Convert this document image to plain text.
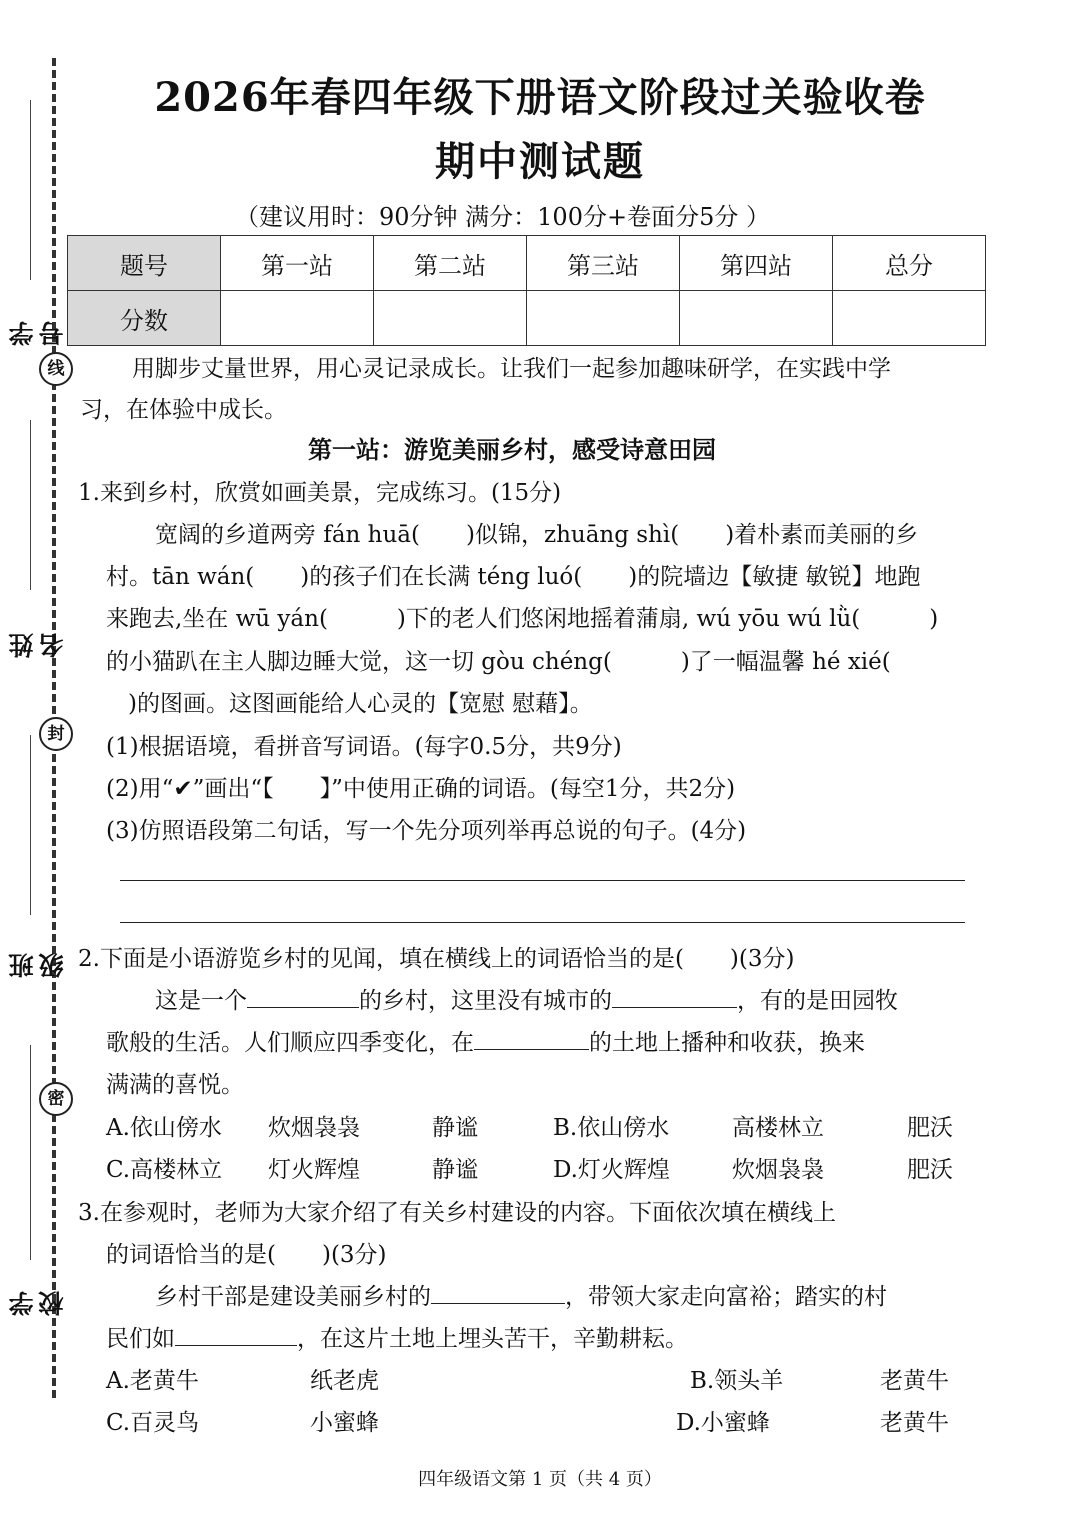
学号
姓名
班级
学校
线
封
密
2026年春四年级下册语文阶段过关验收卷
期中测试题
（建议用时：90分钟 满分：100分+卷面分5分 ）
题号	第一站	第二站	第三站	第四站	总分
分数					
用脚步丈量世界，用心灵记录成长。让我们一起参加趣味研学，在实践中学
习，在体验中成长。
第一站：游览美丽乡村，感受诗意田园
1.来到乡村，欣赏如画美景，完成练习。(15分)
宽阔的乡道两旁 fán huā(　　)似锦，zhuāng shì(　　)着朴素而美丽的乡
村。tān wán(　　)的孩子们在长满 téng luó(　　)的院墙边【敏捷 敏锐】地跑
来跑去,坐在 wū yán(　　　)下的老人们悠闲地摇着蒲扇, wú yōu wú lǜ(　　　)
的小猫趴在主人脚边睡大觉，这一切 gòu chéng(　　　)了一幅温馨 hé xié(
)的图画。这图画能给人心灵的【宽慰 慰藉】。
(1)根据语境，看拼音写词语。(每字0.5分，共9分)
(2)用“✔”画出“【　　】”中使用正确的词语。(每空1分，共2分)
(3)仿照语段第二句话，写一个先分项列举再总说的句子。(4分)
2.下面是小语游览乡村的见闻，填在横线上的词语恰当的是(　　)(3分)
这是一个	的乡村，这里没有城市的	，有的是田园牧
歌般的生活。人们顺应四季变化，在	的土地上播种和收获，换来
满满的喜悦。
A.依山傍水 炊烟袅袅	静谧	B.依山傍水	高楼林立	肥沃
C.高楼林立 灯火辉煌	静谧	D.灯火辉煌	炊烟袅袅	肥沃
3.在参观时，老师为大家介绍了有关乡村建设的内容。下面依次填在横线上
的词语恰当的是(　　)(3分)
乡村干部是建设美丽乡村的	，带领大家走向富裕；踏实的村
民们如	，在这片土地上埋头苦干，辛勤耕耘。
A.老黄牛	纸老虎	B.领头羊	老黄牛
C.百灵鸟	小蜜蜂	D.小蜜蜂	老黄牛
四年级语文第 1 页（共 4 页）
